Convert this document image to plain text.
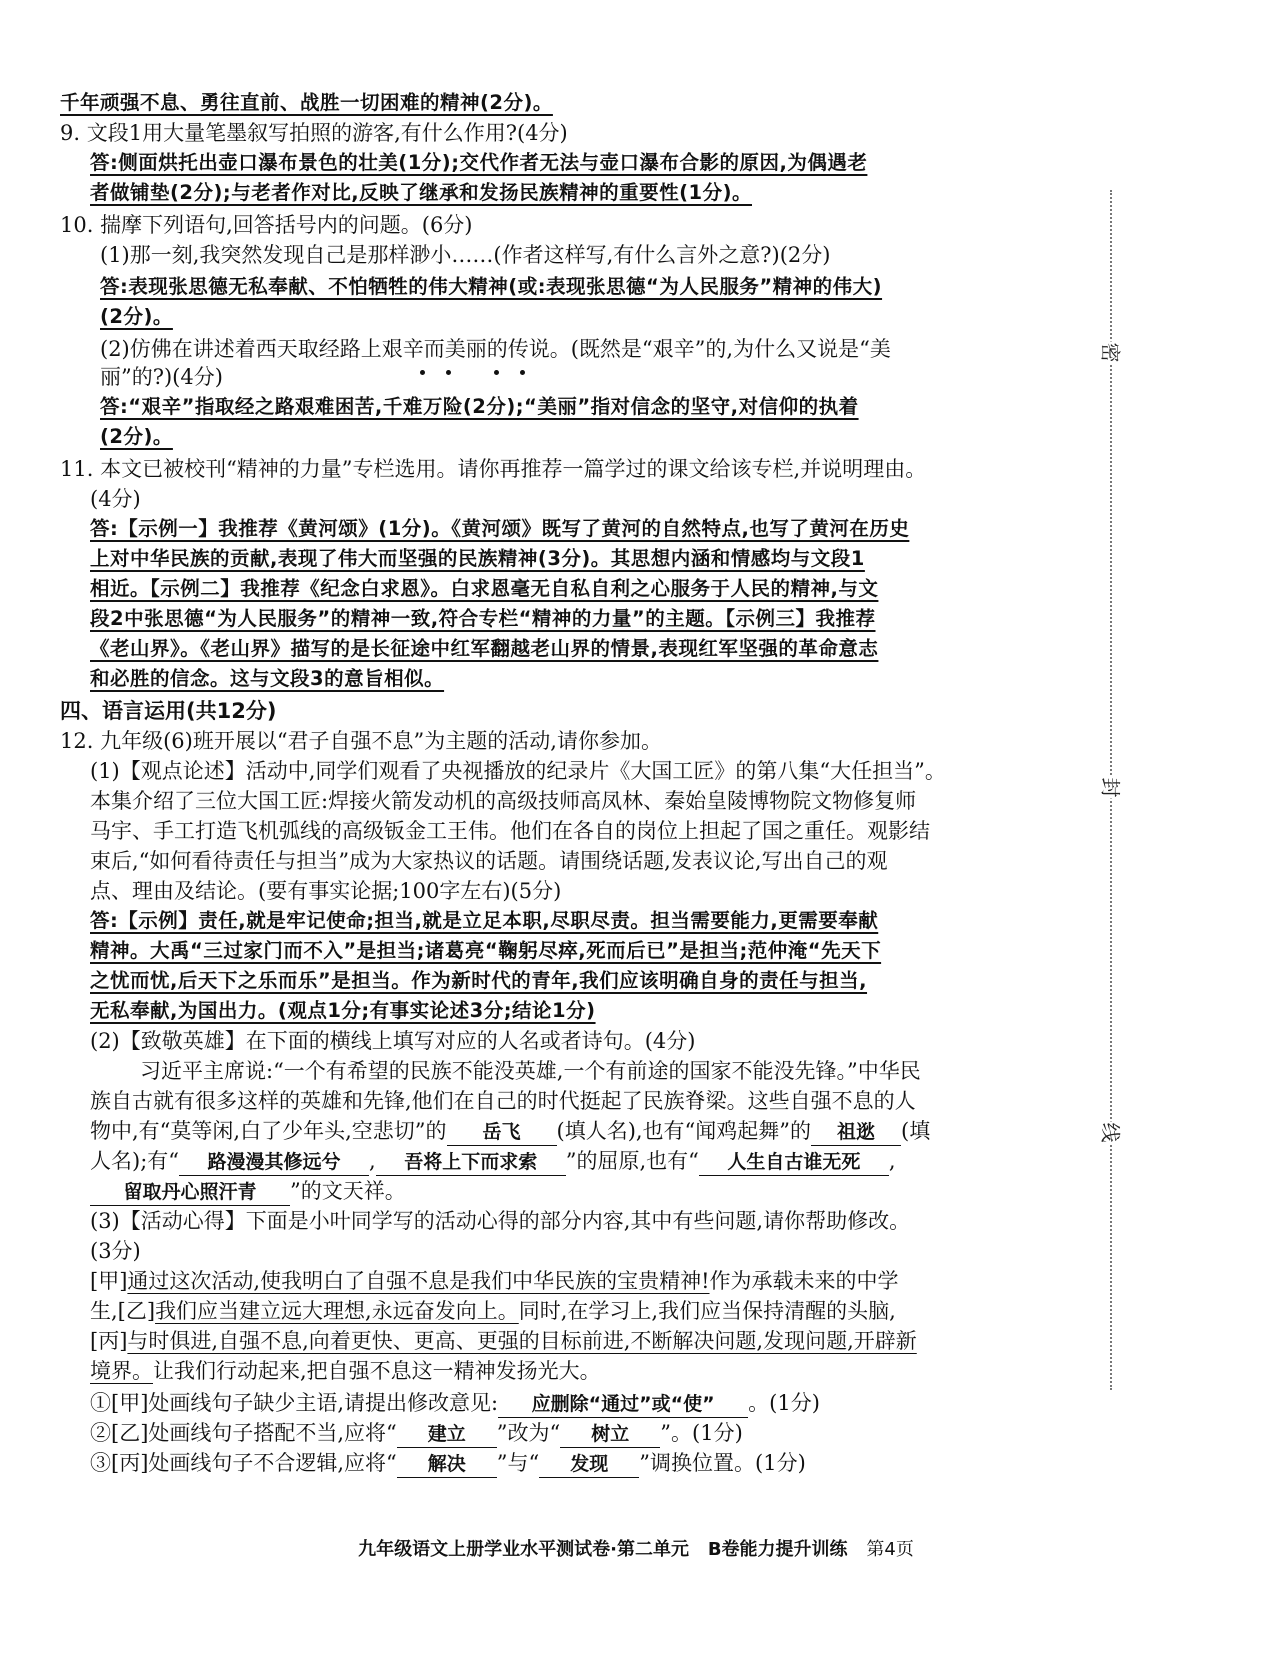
千年顽强不息、勇往直前、战胜一切困难的精神(2分)。
9. 文段1用大量笔墨叙写拍照的游客,有什么作用?(4分)
答:侧面烘托出壶口瀑布景色的壮美(1分);交代作者无法与壶口瀑布合影的原因,为偶遇老
者做铺垫(2分);与老者作对比,反映了继承和发扬民族精神的重要性(1分)。
10. 揣摩下列语句,回答括号内的问题。(6分)
(1)那一刻,我突然发现自己是那样渺小……(作者这样写,有什么言外之意?)(2分)
答:表现张思德无私奉献、不怕牺牲的伟大精神(或:表现张思德“为人民服务”精神的伟大)
(2分)。
(2)仿佛在讲述着西天取经路上艰辛而美丽的传说。(既然是“艰辛”的,为什么又说是“美
丽”的?)(4分)
答:“艰辛”指取经之路艰难困苦,千难万险(2分);“美丽”指对信念的坚守,对信仰的执着
(2分)。
11. 本文已被校刊“精神的力量”专栏选用。请你再推荐一篇学过的课文给该专栏,并说明理由。
(4分)
答:【示例一】我推荐《黄河颂》(1分)。《黄河颂》既写了黄河的自然特点,也写了黄河在历史
上对中华民族的贡献,表现了伟大而坚强的民族精神(3分)。其思想内涵和情感均与文段1
相近。【示例二】我推荐《纪念白求恩》。白求恩毫无自私自利之心服务于人民的精神,与文
段2中张思德“为人民服务”的精神一致,符合专栏“精神的力量”的主题。【示例三】我推荐
《老山界》。《老山界》描写的是长征途中红军翻越老山界的情景,表现红军坚强的革命意志
和必胜的信念。这与文段3的意旨相似。
四、语言运用(共12分)
12. 九年级(6)班开展以“君子自强不息”为主题的活动,请你参加。
(1)【观点论述】活动中,同学们观看了央视播放的纪录片《大国工匠》的第八集“大任担当”。
本集介绍了三位大国工匠:焊接火箭发动机的高级技师高凤林、秦始皇陵博物院文物修复师
马宇、手工打造飞机弧线的高级钣金工王伟。他们在各自的岗位上担起了国之重任。观影结
束后,“如何看待责任与担当”成为大家热议的话题。请围绕话题,发表议论,写出自己的观
点、理由及结论。(要有事实论据;100字左右)(5分)
答:【示例】责任,就是牢记使命;担当,就是立足本职,尽职尽责。担当需要能力,更需要奉献
精神。大禹“三过家门而不入”是担当;诸葛亮“鞠躬尽瘁,死而后已”是担当;范仲淹“先天下
之忧而忧,后天下之乐而乐”是担当。作为新时代的青年,我们应该明确自身的责任与担当,
无私奉献,为国出力。(观点1分;有事实论述3分;结论1分)
(2)【致敬英雄】在下面的横线上填写对应的人名或者诗句。(4分)
习近平主席说:“一个有希望的民族不能没英雄,一个有前途的国家不能没先锋。”中华民
族自古就有很多这样的英雄和先锋,他们在自己的时代挺起了民族脊梁。这些自强不息的人
物中,有“莫等闲,白了少年头,空悲切”的 岳飞 (填人名),也有“闻鸡起舞”的 祖逖 (填
人名);有“ 路漫漫其修远兮 , 吾将上下而求索 ”的屈原,也有“ 人生自古谁无死 ,
留取丹心照汗青 ”的文天祥。
(3)【活动心得】下面是小叶同学写的活动心得的部分内容,其中有些问题,请你帮助修改。
(3分)
[甲]通过这次活动,使我明白了自强不息是我们中华民族的宝贵精神!作为承载未来的中学
生,[乙]我们应当建立远大理想,永远奋发向上。同时,在学习上,我们应当保持清醒的头脑,
[丙]与时俱进,自强不息,向着更快、更高、更强的目标前进,不断解决问题,发现问题,开辟新
境界。让我们行动起来,把自强不息这一精神发扬光大。
①[甲]处画线句子缺少主语,请提出修改意见: 应删除“通过”或“使” 。(1分)
②[乙]处画线句子搭配不当,应将“ 建立 ”改为“ 树立 ”。(1分)
③[丙]处画线句子不合逻辑,应将“ 解决 ”与“ 发现 ”调换位置。(1分)
密
封
线
九年级语文上册学业水平测试卷·第二单元 B卷能力提升训练 第4页
